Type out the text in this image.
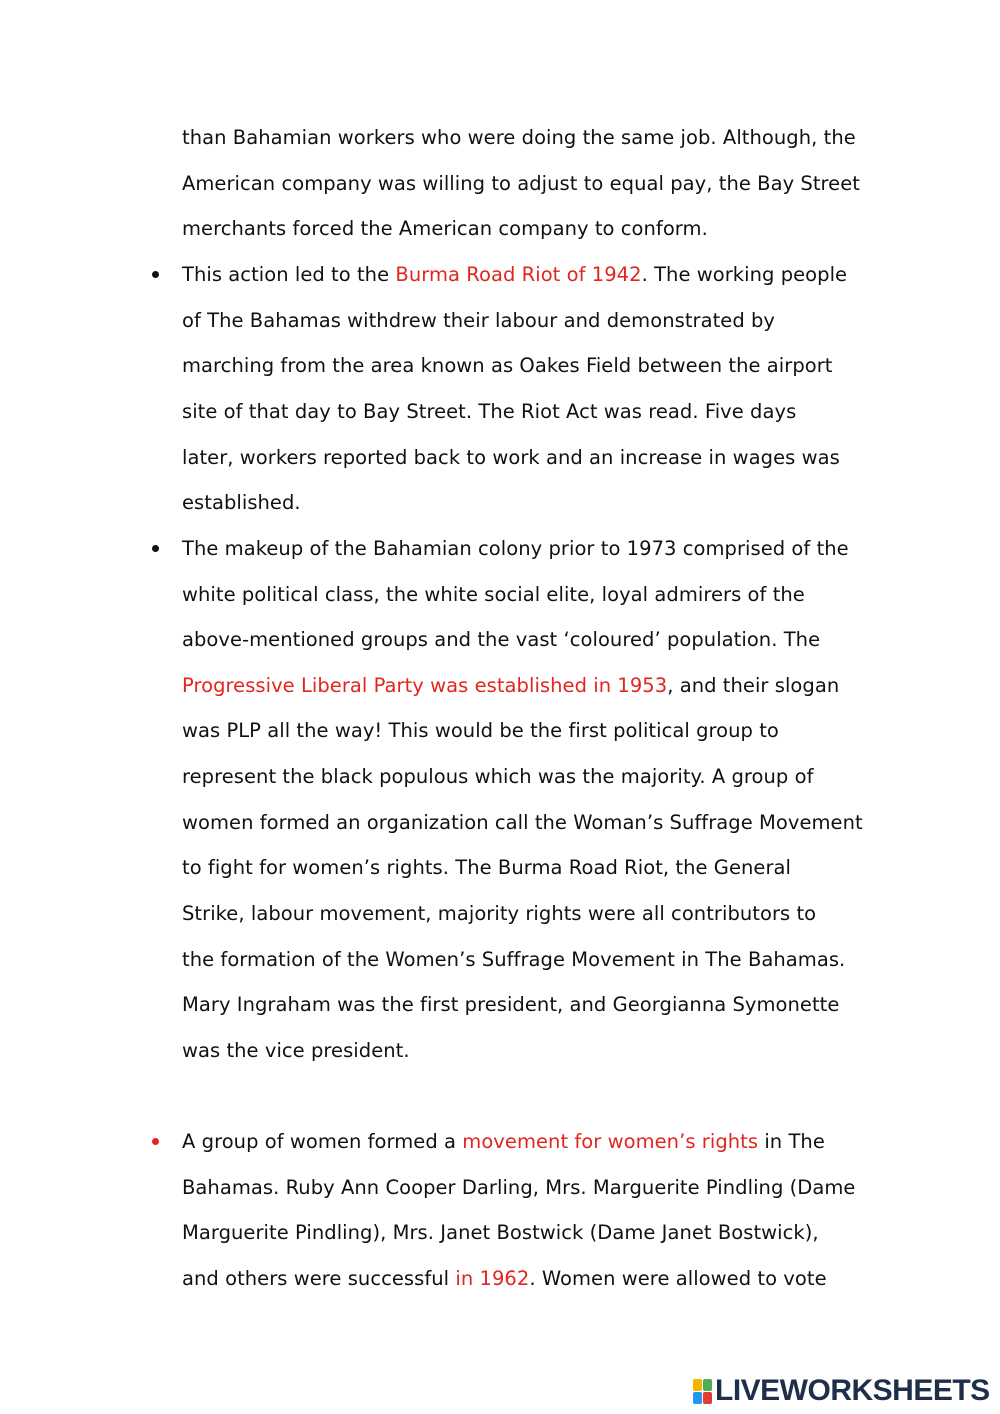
than Bahamian workers who were doing the same job. Although, the
American company was willing to adjust to equal pay, the Bay Street
merchants forced the American company to conform.
This action led to the Burma Road Riot of 1942. The working people
of The Bahamas withdrew their labour and demonstrated by
marching from the area known as Oakes Field between the airport
site of that day to Bay Street. The Riot Act was read. Five days
later, workers reported back to work and an increase in wages was
established.
The makeup of the Bahamian colony prior to 1973 comprised of the
white political class, the white social elite, loyal admirers of the
above-mentioned groups and the vast ‘coloured’ population. The
Progressive Liberal Party was established in 1953, and their slogan
was PLP all the way! This would be the first political group to
represent the black populous which was the majority. A group of
women formed an organization call the Woman’s Suffrage Movement
to fight for women’s rights. The Burma Road Riot, the General
Strike, labour movement, majority rights were all contributors to
the formation of the Women’s Suffrage Movement in The Bahamas.
Mary Ingraham was the first president, and Georgianna Symonette
was the vice president.
A group of women formed a movement for women’s rights in The
Bahamas. Ruby Ann Cooper Darling, Mrs. Marguerite Pindling (Dame
Marguerite Pindling), Mrs. Janet Bostwick (Dame Janet Bostwick),
and others were successful in 1962. Women were allowed to vote
LIVEWORKSHEETS
